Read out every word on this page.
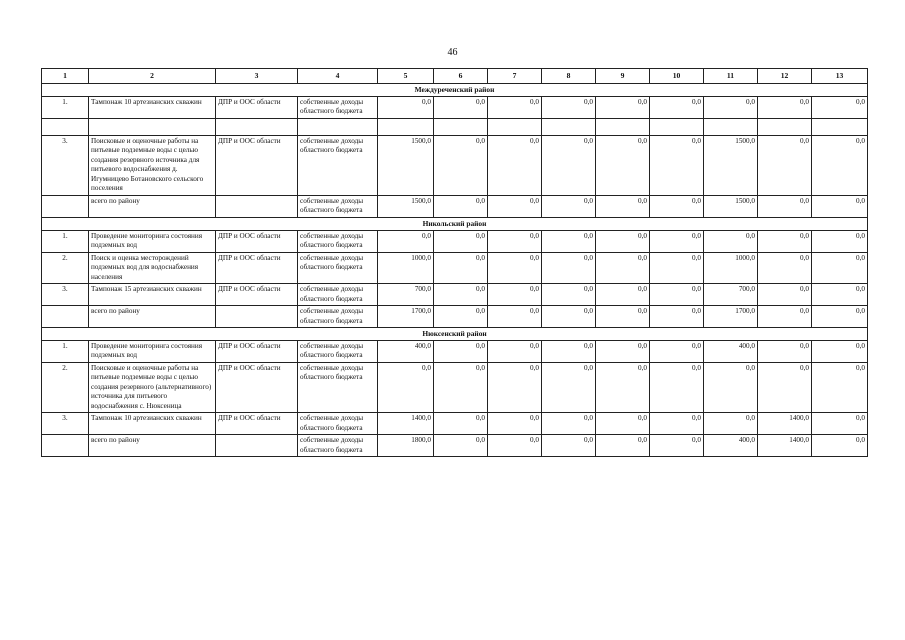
46
1	2	3	4	5	6	7	8	9	10	11	12	13
Междуреченский район												
1.	Тампонаж 10 артезианских скважин	ДПР и ООС области	собственные доходы областного бюджета	0,0	0,0	0,0	0,0	0,0	0,0	0,0	0,0	0,0

3.	Поисковые и оценочные работы на питьевые подземные воды с целью создания резервного источника для питьевого водоснабжения д. Игумницево Ботановского сельского поселения	ДПР и ООС области	собственные доходы областного бюджета	1500,0	0,0	0,0	0,0	0,0	0,0	1500,0	0,0	0,0
	всего по району		собственные доходы областного бюджета	1500,0	0,0	0,0	0,0	0,0	0,0	1500,0	0,0	0,0
Никольский район												
1.	Проведение мониторинга состояния подземных вод	ДПР и ООС области	собственные доходы областного бюджета	0,0	0,0	0,0	0,0	0,0	0,0	0,0	0,0	0,0
2.	Поиск и оценка месторождений подземных вод для водоснабжения населения	ДПР и ООС области	собственные доходы областного бюджета	1000,0	0,0	0,0	0,0	0,0	0,0	1000,0	0,0	0,0
3.	Тампонаж 15 артезианских скважин	ДПР и ООС области	собственные доходы областного бюджета	700,0	0,0	0,0	0,0	0,0	0,0	700,0	0,0	0,0
	всего по району		собственные доходы областного бюджета	1700,0	0,0	0,0	0,0	0,0	0,0	1700,0	0,0	0,0
Нюксенский район												
1.	Проведение мониторинга состояния подземных вод	ДПР и ООС области	собственные доходы областного бюджета	400,0	0,0	0,0	0,0	0,0	0,0	400,0	0,0	0,0
2.	Поисковые и оценочные работы на питьевые подземные воды с целью создания резервного (альтернативного) источника для питьевого водоснабжения с. Нюксеница	ДПР и ООС области	собственные доходы областного бюджета	0,0	0,0	0,0	0,0	0,0	0,0	0,0	0,0	0,0
3.	Тампонаж 10 артезианских скважин	ДПР и ООС области	собственные доходы областного бюджета	1400,0	0,0	0,0	0,0	0,0	0,0	0,0	1400,0	0,0
	всего по району		собственные доходы областного бюджета	1800,0	0,0	0,0	0,0	0,0	0,0	400,0	1400,0	0,0
